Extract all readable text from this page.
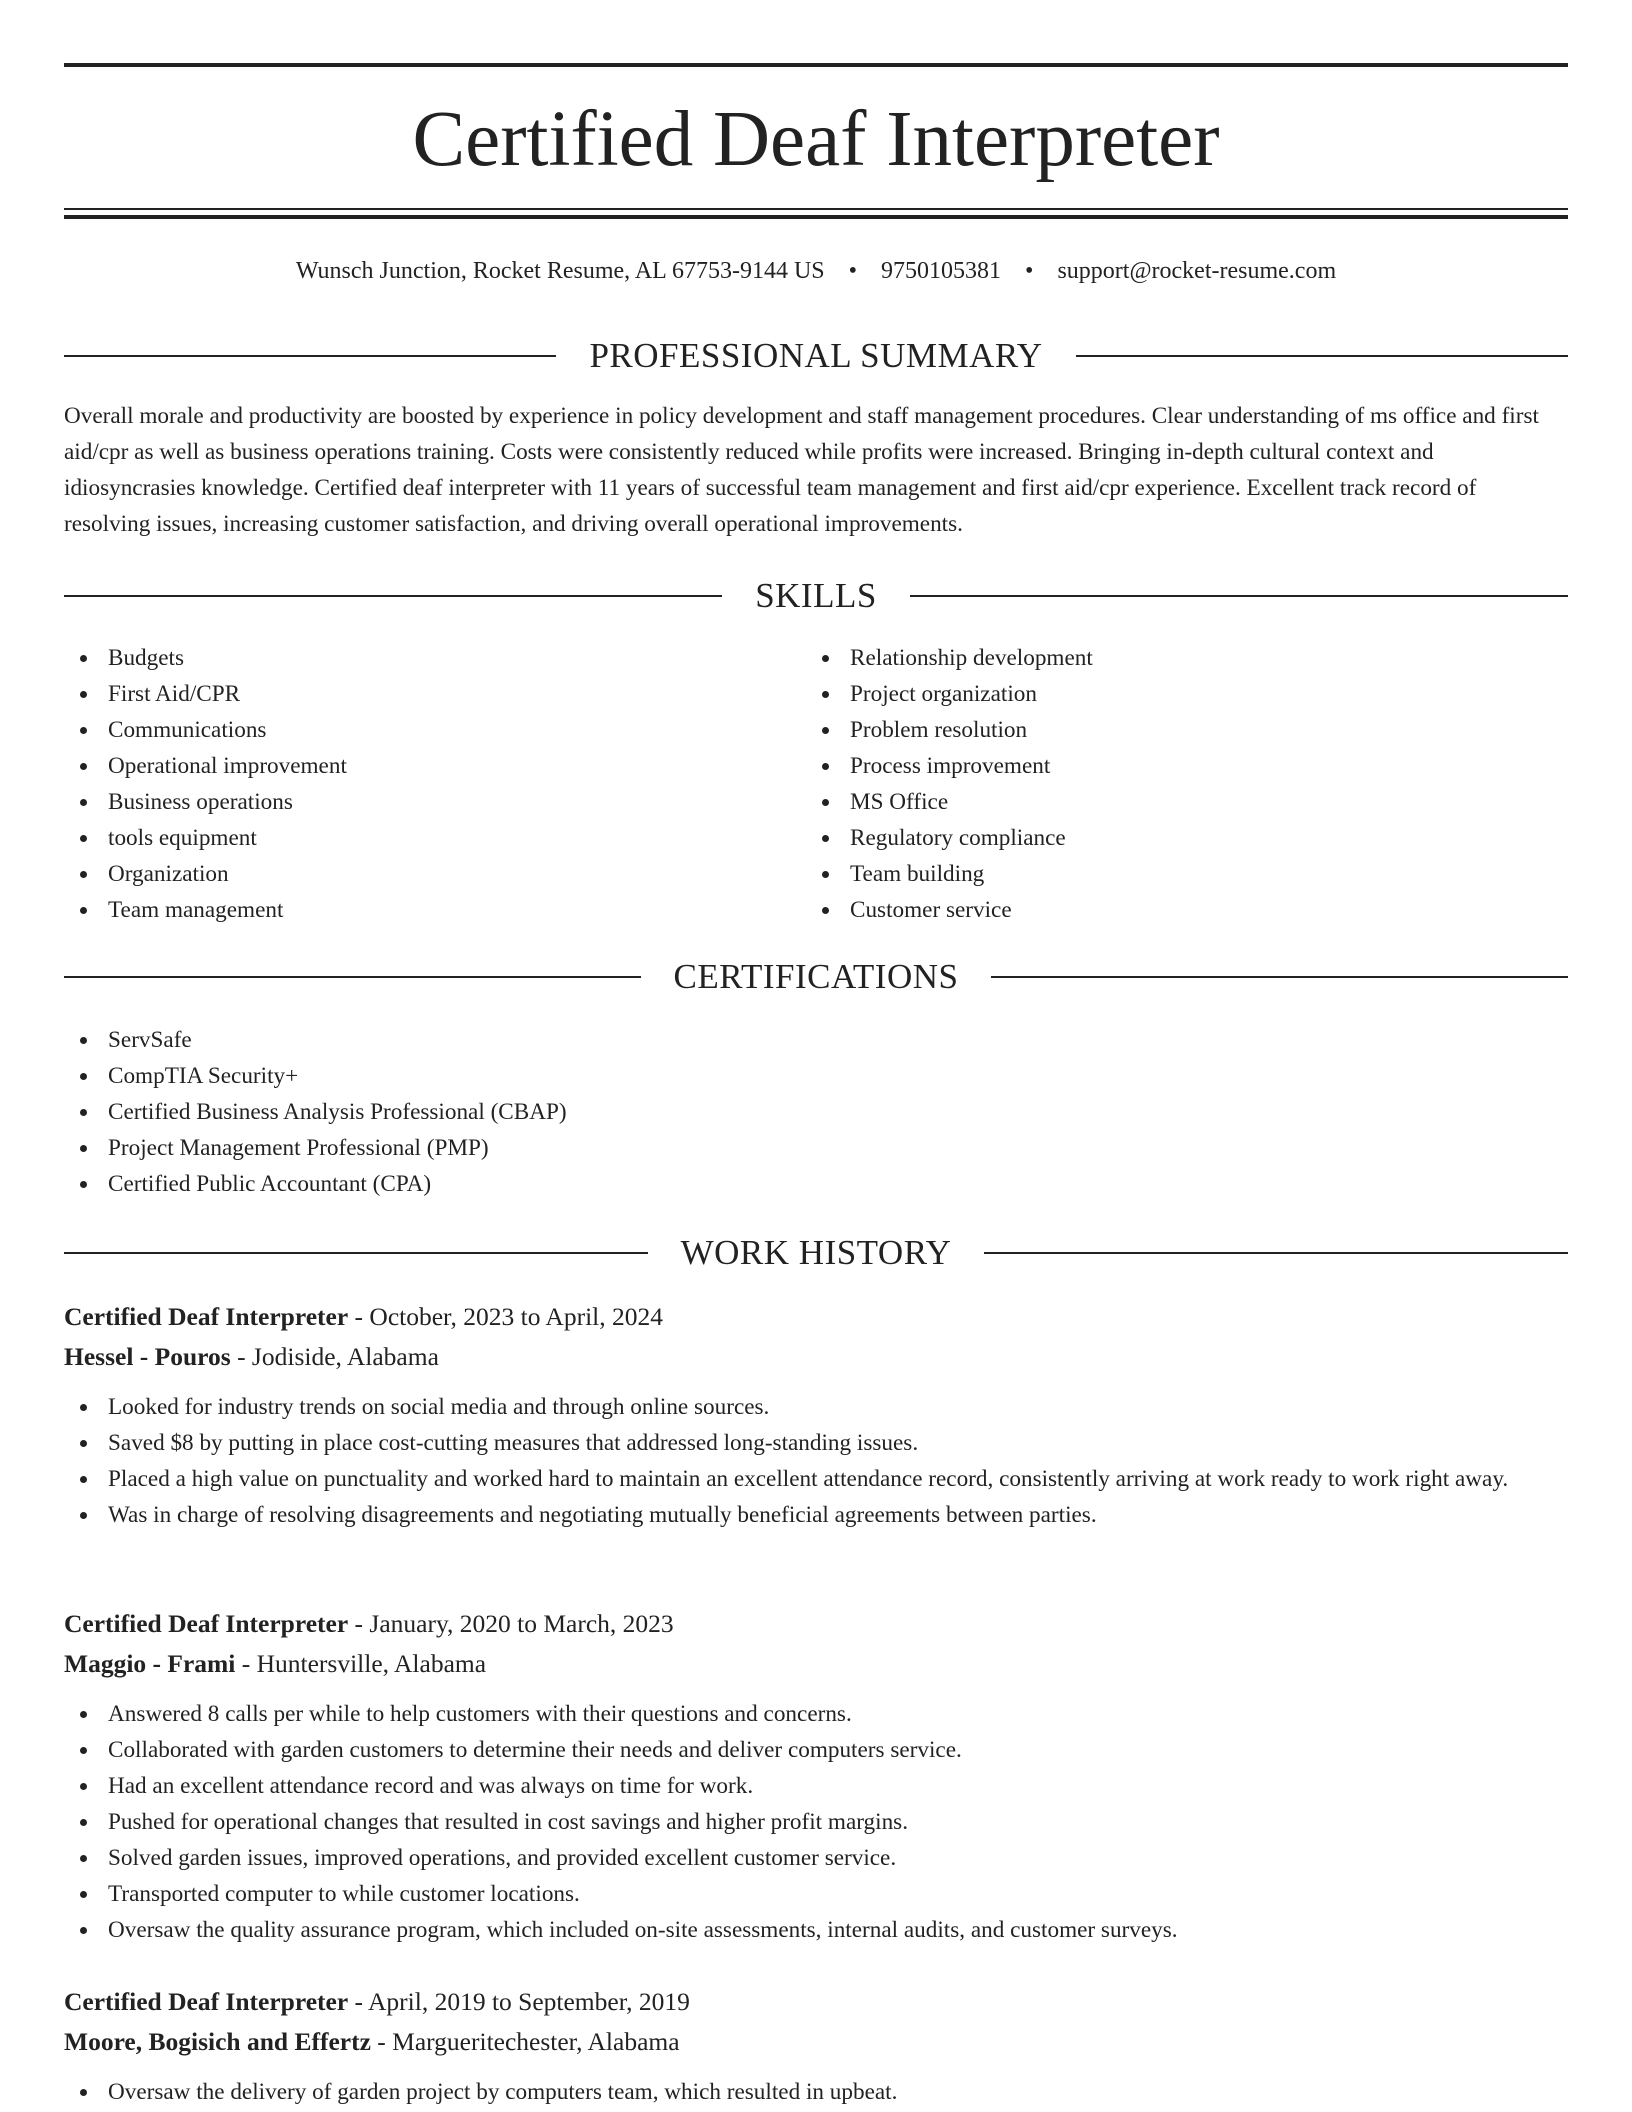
Certified Deaf Interpreter
Wunsch Junction, Rocket Resume, AL 67753-9144 US • 9750105381 • support@rocket-resume.com
PROFESSIONAL SUMMARY

Overall morale and productivity are boosted by experience in policy development and staff management procedures. Clear understanding of ms office and first aid/cpr as well as business operations training. Costs were consistently reduced while profits were increased. Bringing in-depth cultural context and idiosyncrasies knowledge. Certified deaf interpreter with 11 years of successful team management and first aid/cpr experience. Excellent track record of resolving issues, increasing customer satisfaction, and driving overall operational improvements.

SKILLS
Budgets
First Aid/CPR
Communications
Operational improvement
Business operations
tools equipment
Organization
Team management
Relationship development
Project organization
Problem resolution
Process improvement
MS Office
Regulatory compliance
Team building
Customer service
CERTIFICATIONS
ServSafe
CompTIA Security+
Certified Business Analysis Professional (CBAP)
Project Management Professional (PMP)
Certified Public Accountant (CPA)
WORK HISTORY
Certified Deaf Interpreter - October, 2023 to April, 2024
Hessel - Pouros - Jodiside, Alabama
Looked for industry trends on social media and through online sources.
Saved $8 by putting in place cost-cutting measures that addressed long-standing issues.
Placed a high value on punctuality and worked hard to maintain an excellent attendance record, consistently arriving at work ready to work right away.
Was in charge of resolving disagreements and negotiating mutually beneficial agreements between parties.
Certified Deaf Interpreter - January, 2020 to March, 2023
Maggio - Frami - Huntersville, Alabama
Answered 8 calls per while to help customers with their questions and concerns.
Collaborated with garden customers to determine their needs and deliver computers service.
Had an excellent attendance record and was always on time for work.
Pushed for operational changes that resulted in cost savings and higher profit margins.
Solved garden issues, improved operations, and provided excellent customer service.
Transported computer to while customer locations.
Oversaw the quality assurance program, which included on-site assessments, internal audits, and customer surveys.
Certified Deaf Interpreter - April, 2019 to September, 2019
Moore, Bogisich and Effertz - Margueritechester, Alabama
Oversaw the delivery of garden project by computers team, which resulted in upbeat.
